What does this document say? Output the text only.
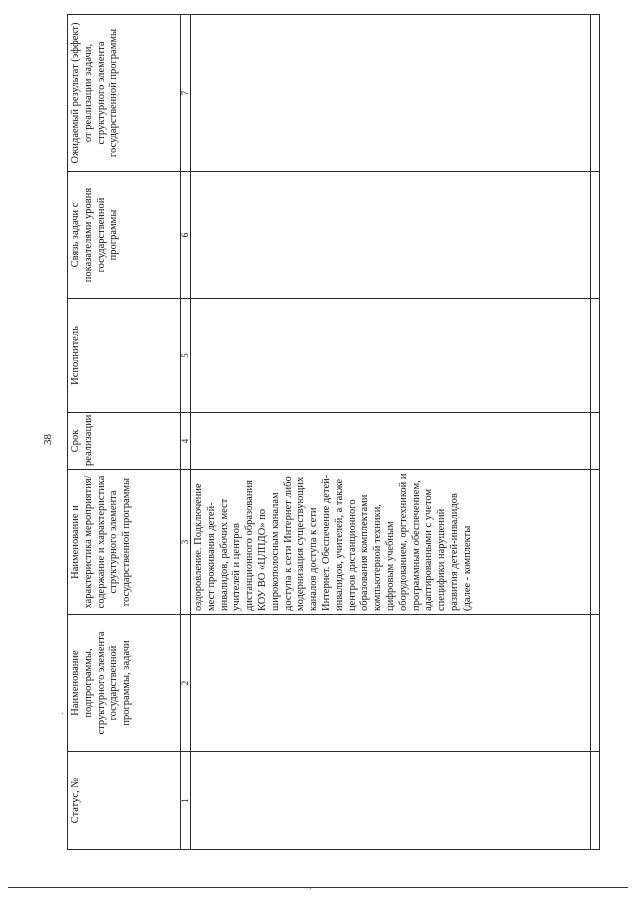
38
Статус, №	Наименование подпрограммы, структурного элемента государственной программы, задачи	Наименование и характеристика мероприятия/содержание и характеристика структурного элемента государственной программы	Срок реализации	Исполнитель	Связь задачи с показателями уровня государственной программы	Ожидаемый результат (эффект) от реализации задачи, структурного элемента государственной программы
1	2	3	4	5	6	7
		оздоровление. Подключение мест проживания детей-инвалидов, рабочих мест учителей и центров дистанционного образования КОУ ВО «ЦЛПДО» по широкополосным каналам доступа к сети Интернет либо модернизация существующих каналов доступа к сети Интернет. Обеспечение детей-инвалидов, учителей, а также центров дистанционного образования комплектами компьютерной техники, цифровым учебным оборудованием, оргтехникой и программным обеспечением, адаптированными с учетом специфики нарушений развития детей-инвалидов (далее - комплекты				
